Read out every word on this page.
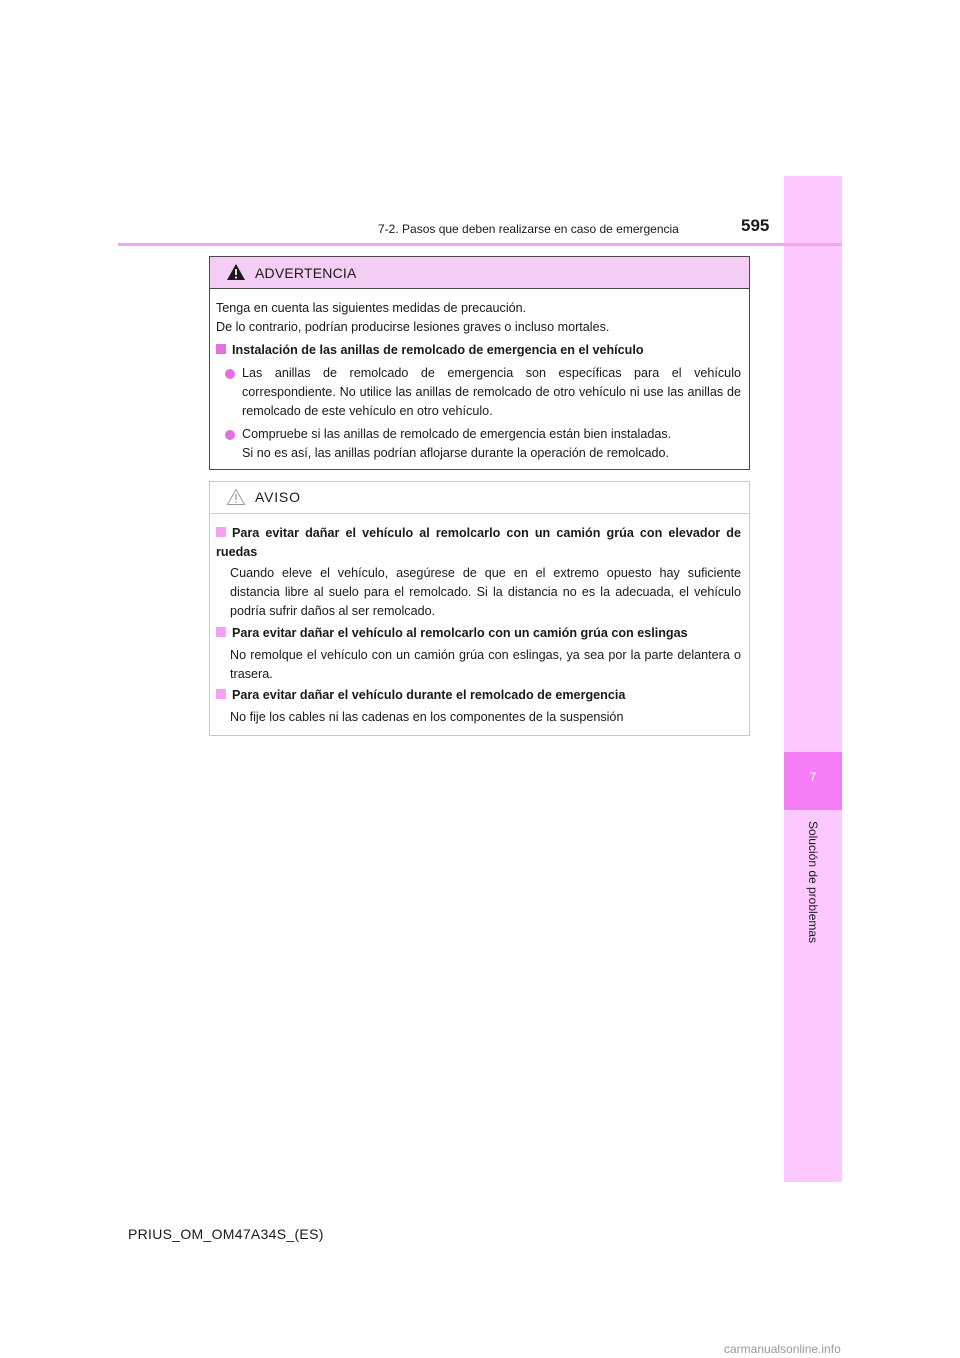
7
Solución de problemas
7-2. Pasos que deben realizarse en caso de emergencia	595
ADVERTENCIA
Tenga en cuenta las siguientes medidas de precaución.
De lo contrario, podrían producirse lesiones graves o incluso mortales.
Instalación de las anillas de remolcado de emergencia en el vehículo
Las anillas de remolcado de emergencia son específicas para el vehículo correspondiente. No utilice las anillas de remolcado de otro vehículo ni use las anillas de remolcado de este vehículo en otro vehículo.
Compruebe si las anillas de remolcado de emergencia están bien instaladas.
Si no es así, las anillas podrían aflojarse durante la operación de remolcado.
AVISO
Para evitar dañar el vehículo al remolcarlo con un camión grúa con elevador de ruedas
Cuando eleve el vehículo, asegúrese de que en el extremo opuesto hay suficiente distancia libre al suelo para el remolcado. Si la distancia no es la adecuada, el vehículo podría sufrir daños al ser remolcado.
Para evitar dañar el vehículo al remolcarlo con un camión grúa con eslingas
No remolque el vehículo con un camión grúa con eslingas, ya sea por la parte delantera o trasera.
Para evitar dañar el vehículo durante el remolcado de emergencia
No fije los cables ni las cadenas en los componentes de la suspensión
PRIUS_OM_OM47A34S_(ES)
carmanualsonline.info
